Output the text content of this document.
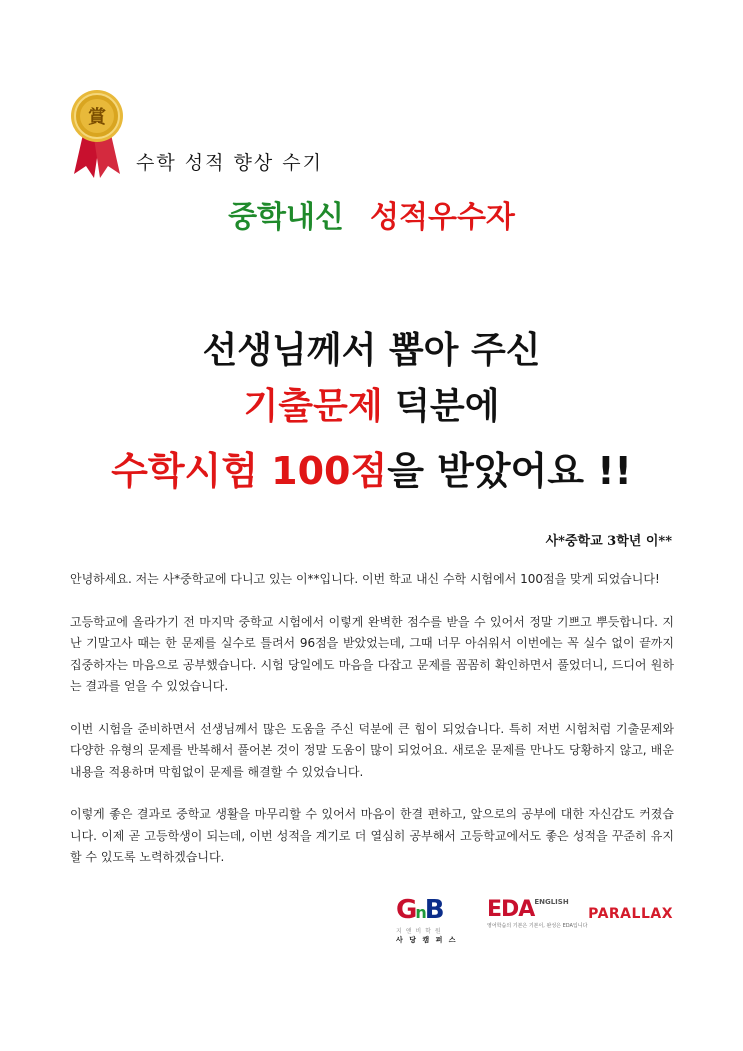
賞
수학 성적 향상 수기
중학내신 성적우수자
선생님께서 뽑아 주신
기출문제 덕분에
수학시험 100점을 받았어요 !!
사*중학교 3학년 이**

안녕하세요. 저는 사*중학교에 다니고 있는 이**입니다. 이번 학교 내신 수학 시험에서 100점을 맞게 되었습니다!

고등학교에 올라가기 전 마지막 중학교 시험에서 이렇게 완벽한 점수를 받을 수 있어서 정말 기쁘고 뿌듯합니다. 지난 기말고사 때는 한 문제를 실수로 틀려서 96점을 받았었는데, 그때 너무 아쉬워서 이번에는 꼭 실수 없이 끝까지 집중하자는 마음으로 공부했습니다. 시험 당일에도 마음을 다잡고 문제를 꼼꼼히 확인하면서 풀었더니, 드디어 원하는 결과를 얻을 수 있었습니다.

이번 시험을 준비하면서 선생님께서 많은 도움을 주신 덕분에 큰 힘이 되었습니다. 특히 저번 시험처럼 기출문제와 다양한 유형의 문제를 반복해서 풀어본 것이 정말 도움이 많이 되었어요. 새로운 문제를 만나도 당황하지 않고, 배운 내용을 적용하며 막힘없이 문제를 해결할 수 있었습니다.

이렇게 좋은 결과로 중학교 생활을 마무리할 수 있어서 마음이 한결 편하고, 앞으로의 공부에 대한 자신감도 커졌습니다. 이제 곧 고등학생이 되는데, 이번 성적을 계기로 더 열심히 공부해서 고등학교에서도 좋은 성적을 꾸준히 유지할 수 있도록 노력하겠습니다.

GnB
지 앤 비 학 원
사 당 캠 퍼 스
$EDA^{ENGLISH}$
영어학습의 기본은 기본이, 완성은 EDA입니다
PARALLAX
